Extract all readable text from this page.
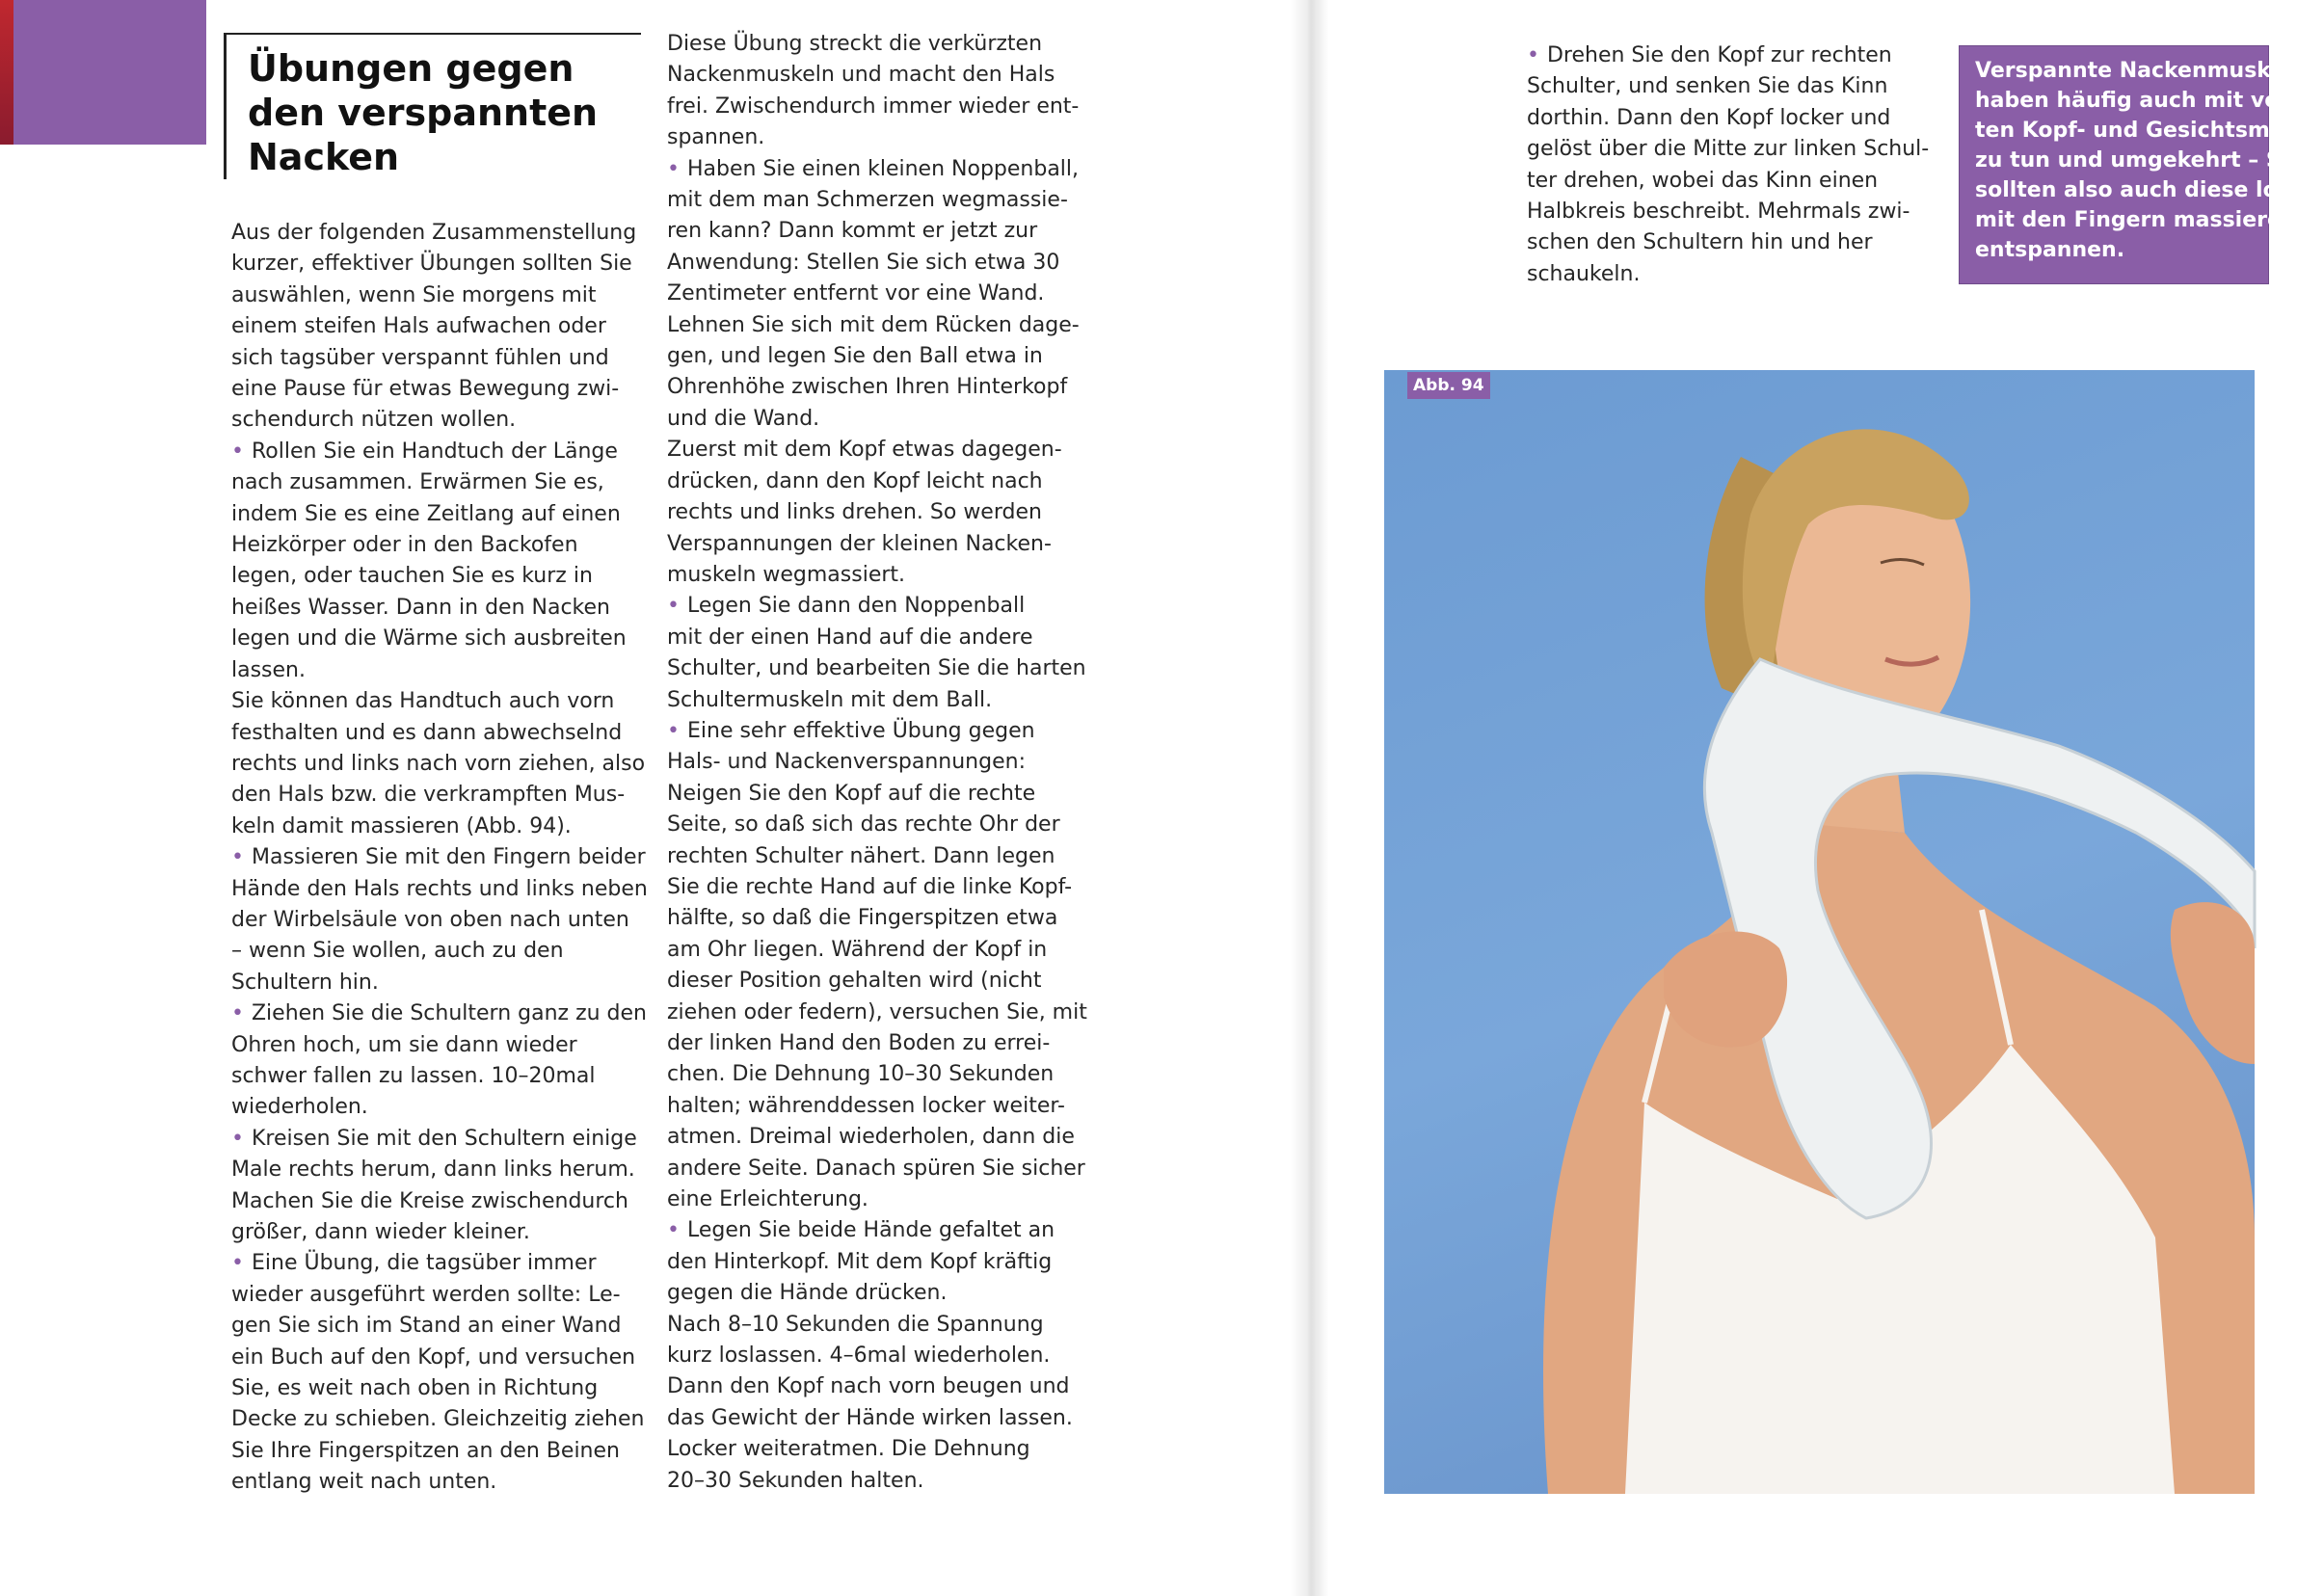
Übungen gegen
den verspannten
Nacken
Aus der folgenden Zusammenstellung
kurzer, effektiver Übungen sollten Sie
auswählen, wenn Sie morgens mit
einem steifen Hals aufwachen oder
sich tagsüber verspannt fühlen und
eine Pause für etwas Bewegung zwi-
schendurch nützen wollen.
• Rollen Sie ein Handtuch der Länge
nach zusammen. Erwärmen Sie es,
indem Sie es eine Zeitlang auf einen
Heizkörper oder in den Backofen
legen, oder tauchen Sie es kurz in
heißes Wasser. Dann in den Nacken
legen und die Wärme sich ausbreiten
lassen.
Sie können das Handtuch auch vorn
festhalten und es dann abwechselnd
rechts und links nach vorn ziehen, also
den Hals bzw. die verkrampften Mus-
keln damit massieren (Abb. 94).
• Massieren Sie mit den Fingern beider
Hände den Hals rechts und links neben
der Wirbelsäule von oben nach unten
– wenn Sie wollen, auch zu den
Schultern hin.
• Ziehen Sie die Schultern ganz zu den
Ohren hoch, um sie dann wieder
schwer fallen zu lassen. 10–20mal
wiederholen.
• Kreisen Sie mit den Schultern einige
Male rechts herum, dann links herum.
Machen Sie die Kreise zwischendurch
größer, dann wieder kleiner.
• Eine Übung, die tagsüber immer
wieder ausgeführt werden sollte: Le-
gen Sie sich im Stand an einer Wand
ein Buch auf den Kopf, und versuchen
Sie, es weit nach oben in Richtung
Decke zu schieben. Gleichzeitig ziehen
Sie Ihre Fingerspitzen an den Beinen
entlang weit nach unten.
Diese Übung streckt die verkürzten
Nackenmuskeln und macht den Hals
frei. Zwischendurch immer wieder ent-
spannen.
• Haben Sie einen kleinen Noppenball,
mit dem man Schmerzen wegmassie-
ren kann? Dann kommt er jetzt zur
Anwendung: Stellen Sie sich etwa 30
Zentimeter entfernt vor eine Wand.
Lehnen Sie sich mit dem Rücken dage-
gen, und legen Sie den Ball etwa in
Ohrenhöhe zwischen Ihren Hinterkopf
und die Wand.
Zuerst mit dem Kopf etwas dagegen-
drücken, dann den Kopf leicht nach
rechts und links drehen. So werden
Verspannungen der kleinen Nacken-
muskeln wegmassiert.
• Legen Sie dann den Noppenball
mit der einen Hand auf die andere
Schulter, und bearbeiten Sie die harten
Schultermuskeln mit dem Ball.
• Eine sehr effektive Übung gegen
Hals- und Nackenverspannungen:
Neigen Sie den Kopf auf die rechte
Seite, so daß sich das rechte Ohr der
rechten Schulter nähert. Dann legen
Sie die rechte Hand auf die linke Kopf-
hälfte, so daß die Fingerspitzen etwa
am Ohr liegen. Während der Kopf in
dieser Position gehalten wird (nicht
ziehen oder federn), versuchen Sie, mit
der linken Hand den Boden zu errei-
chen. Die Dehnung 10–30 Sekunden
halten; währenddessen locker weiter-
atmen. Dreimal wiederholen, dann die
andere Seite. Danach spüren Sie sicher
eine Erleichterung.
• Legen Sie beide Hände gefaltet an
den Hinterkopf. Mit dem Kopf kräftig
gegen die Hände drücken.
Nach 8–10 Sekunden die Spannung
kurz loslassen. 4–6mal wiederholen.
Dann den Kopf nach vorn beugen und
das Gewicht der Hände wirken lassen.
Locker weiteratmen. Die Dehnung
20–30 Sekunden halten.
• Drehen Sie den Kopf zur rechten
Schulter, und senken Sie das Kinn
dorthin. Dann den Kopf locker und
gelöst über die Mitte zur linken Schul-
ter drehen, wobei das Kinn einen
Halbkreis beschreibt. Mehrmals zwi-
schen den Schultern hin und her
schaukeln.

Verspannte Nackenmuske
haben häufig auch mit ve
ten Kopf- und Gesichtsmu
zu tun und umgekehrt – S
sollten also auch diese lo
mit den Fingern massieren
entspannen.

Abb. 94
